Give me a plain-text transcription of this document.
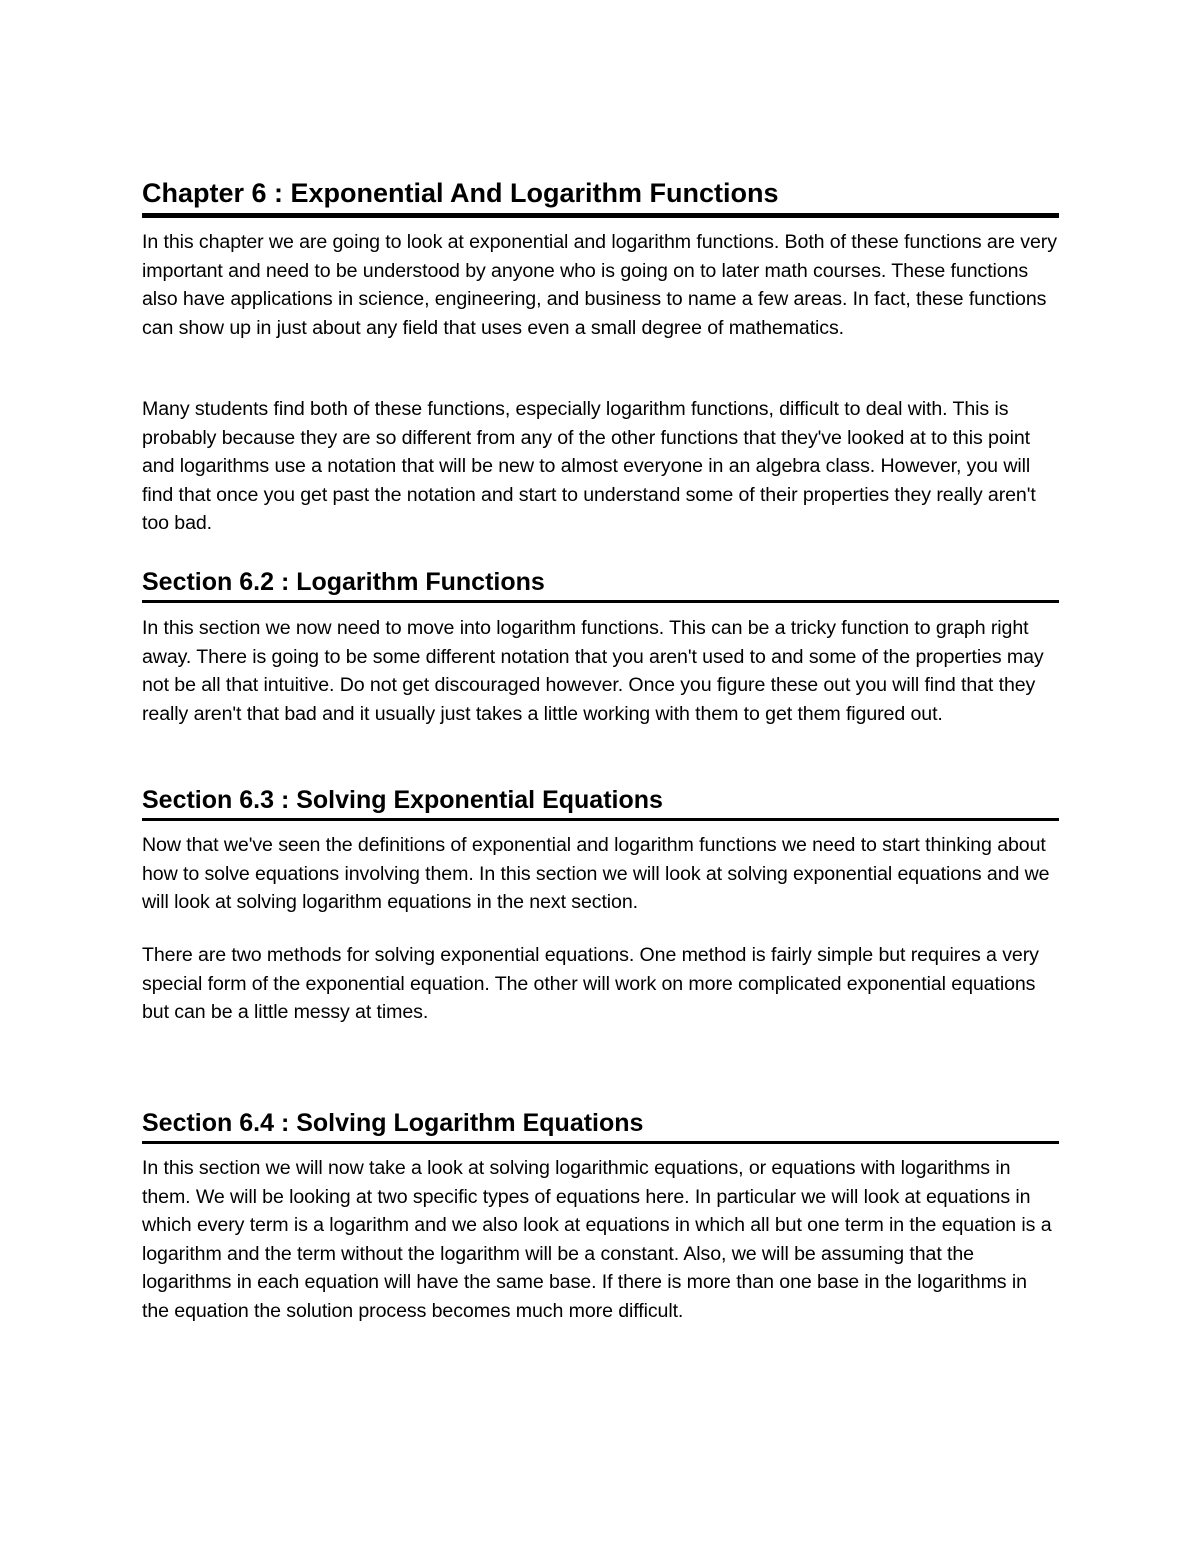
Chapter 6 : Exponential And Logarithm Functions

In this chapter we are going to look at exponential and logarithm functions. Both of these functions are very important and need to be understood by anyone who is going on to later math courses. These functions also have applications in science, engineering, and business to name a few areas. In fact, these functions can show up in just about any field that uses even a small degree of mathematics.

Many students find both of these functions, especially logarithm functions, difficult to deal with. This is probably because they are so different from any of the other functions that they've looked at to this point and logarithms use a notation that will be new to almost everyone in an algebra class. However, you will find that once you get past the notation and start to understand some of their properties they really aren't too bad.

Section 6.2 : Logarithm Functions

In this section we now need to move into logarithm functions. This can be a tricky function to graph right away. There is going to be some different notation that you aren't used to and some of the properties may not be all that intuitive. Do not get discouraged however. Once you figure these out you will find that they really aren't that bad and it usually just takes a little working with them to get them figured out.

Section 6.3 : Solving Exponential Equations

Now that we've seen the definitions of exponential and logarithm functions we need to start thinking about how to solve equations involving them. In this section we will look at solving exponential equations and we will look at solving logarithm equations in the next section.

There are two methods for solving exponential equations. One method is fairly simple but requires a very special form of the exponential equation. The other will work on more complicated exponential equations but can be a little messy at times.

Section 6.4 : Solving Logarithm Equations

In this section we will now take a look at solving logarithmic equations, or equations with logarithms in them. We will be looking at two specific types of equations here. In particular we will look at equations in which every term is a logarithm and we also look at equations in which all but one term in the equation is a logarithm and the term without the logarithm will be a constant. Also, we will be assuming that the logarithms in each equation will have the same base. If there is more than one base in the logarithms in the equation the solution process becomes much more difficult.
